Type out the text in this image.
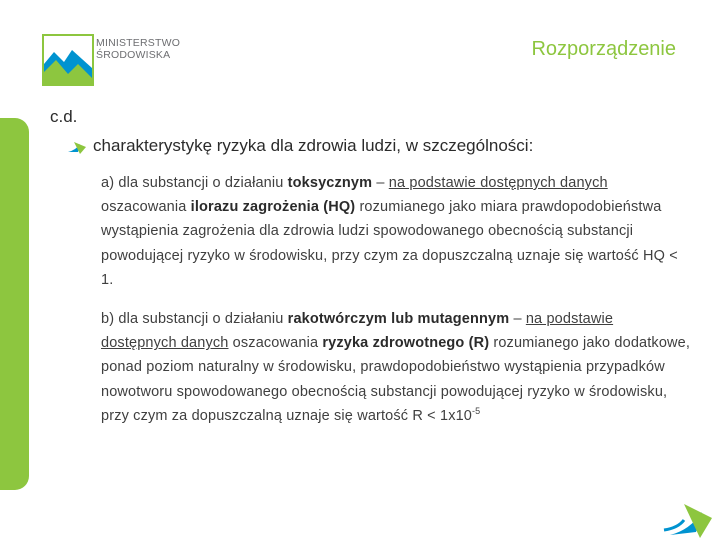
MINISTERSTWO
ŚRODOWISKA	Rozporządzenie
c.d.
charakterystykę ryzyka dla zdrowia ludzi, w szczególności:
a) dla substancji o działaniu toksycznym – na podstawie dostępnych danych oszacowania ilorazu zagrożenia (HQ) rozumianego jako miara prawdopodobieństwa wystąpienia zagrożenia dla zdrowia ludzi spowodowanego obecnością substancji powodującej ryzyko w środowisku, przy czym za dopuszczalną uznaje się wartość HQ < 1.
b) dla substancji o działaniu rakotwórczym lub mutagennym – na podstawie dostępnych danych oszacowania ryzyka zdrowotnego (R) rozumianego jako dodatkowe, ponad poziom naturalny w środowisku, prawdopodobieństwo wystąpienia przypadków nowotworu spowodowanego obecnością substancji powodującej ryzyko w środowisku, przy czym za dopuszczalną uznaje się wartość $R < 1x10^{-5}$
